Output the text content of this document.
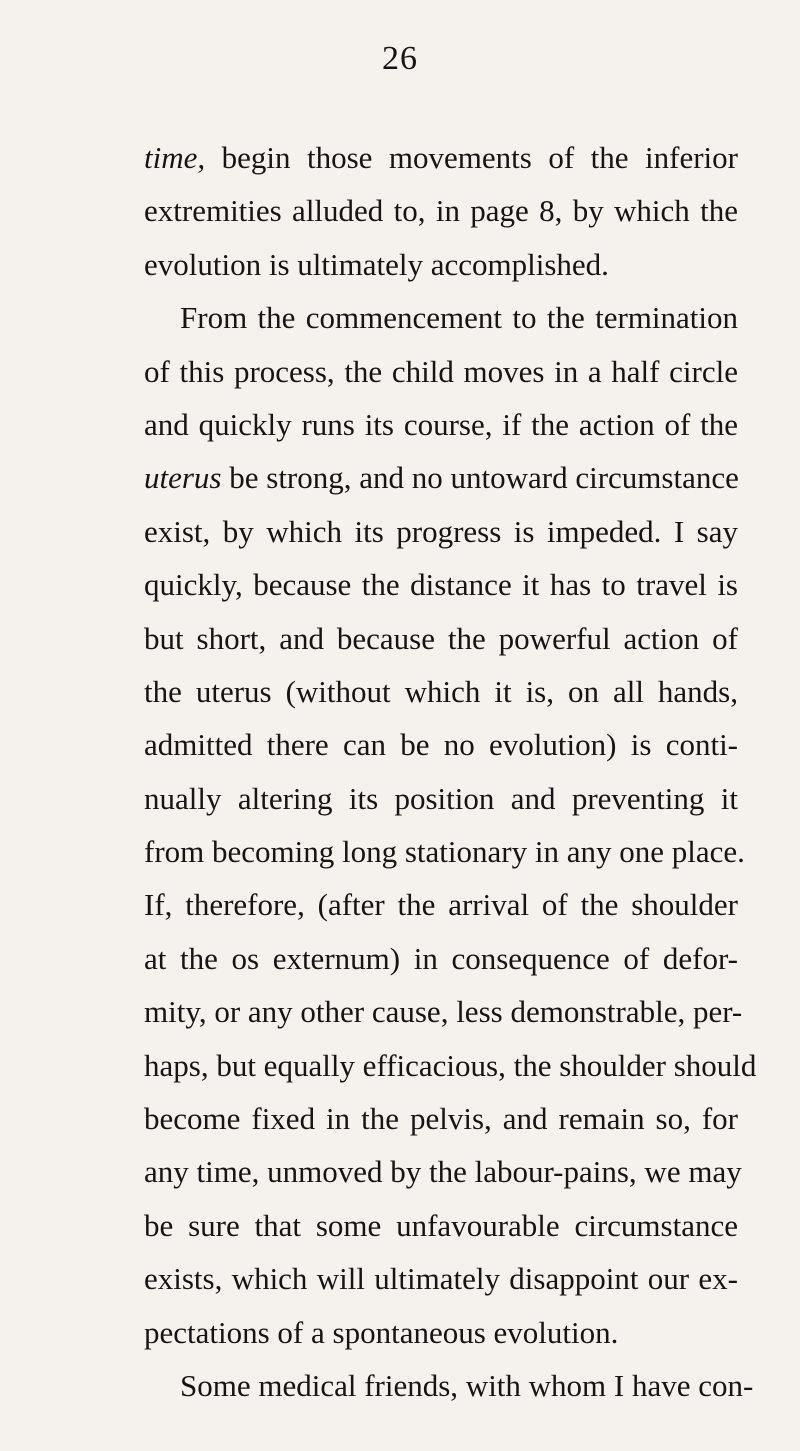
26
time, begin those movements of the inferior
extremities alluded to, in page 8, by which the
evolution is ultimately accomplished.
From the commencement to the termination
of this process, the child moves in a half circle
and quickly runs its course, if the action of the
uterus be strong, and no untoward circumstance
exist, by which its progress is impeded. I say
quickly, because the distance it has to travel is
but short, and because the powerful action of
the uterus (without which it is, on all hands,
admitted there can be no evolution) is conti-
nually altering its position and preventing it
from becoming long stationary in any one place.
If, therefore, (after the arrival of the shoulder
at the os externum) in consequence of defor-
mity, or any other cause, less demonstrable, per-
haps, but equally efficacious, the shoulder should
become fixed in the pelvis, and remain so, for
any time, unmoved by the labour-pains, we may
be sure that some unfavourable circumstance
exists, which will ultimately disappoint our ex-
pectations of a spontaneous evolution.
Some medical friends, with whom I have con-
